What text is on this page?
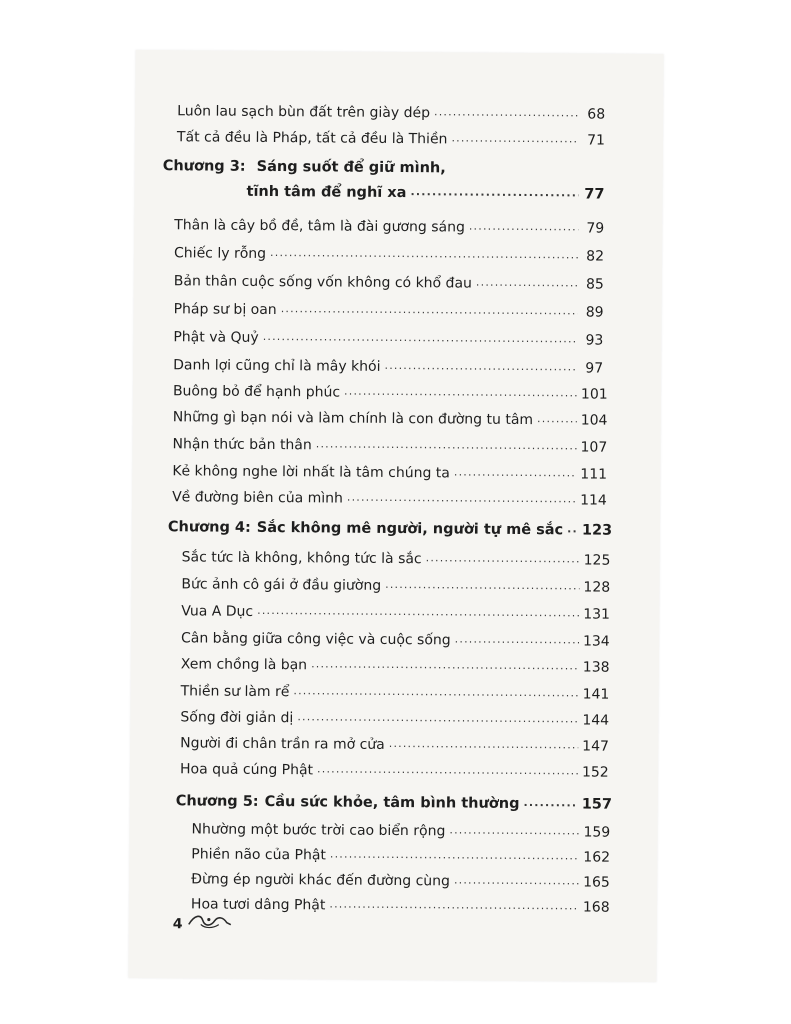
Luôn lau sạch bùn đất trên giày dép .....	68
Tất cả đều là Pháp, tất cả đều là Thiền .....	71
Chương 3: Sáng suốt để giữ mình,
tĩnh tâm để nghĩ xa .....	77
Thân là cây bồ đề, tâm là đài gương sáng .....	79
Chiếc ly rỗng .....	82
Bản thân cuộc sống vốn không có khổ đau .....	85
Pháp sư bị oan .....	89
Phật và Quỷ .....	93
Danh lợi cũng chỉ là mây khói .....	97
Buông bỏ để hạnh phúc .....	101
Những gì bạn nói và làm chính là con đường tu tâm .....	104
Nhận thức bản thân .....	107
Kẻ không nghe lời nhất là tâm chúng ta .....	111
Về đường biên của mình .....	114
Chương 4: Sắc không mê người, người tự mê sắc ..... 123
Sắc tức là không, không tức là sắc .....	125
Bức ảnh cô gái ở đầu giường .....	128
Vua A Dục .....	131
Cân bằng giữa công việc và cuộc sống .....	134
Xem chồng là bạn .....	138
Thiền sư làm rể .....	141
Sống đời giản dị .....	144
Người đi chân trần ra mở cửa .....	147
Hoa quả cúng Phật .....	152
Chương 5: Cầu sức khỏe, tâm bình thường .....	157
Nhường một bước trời cao biển rộng .....	159
Phiền não của Phật .....	162
Đừng ép người khác đến đường cùng .....	165
Hoa tươi dâng Phật .....	168
4
